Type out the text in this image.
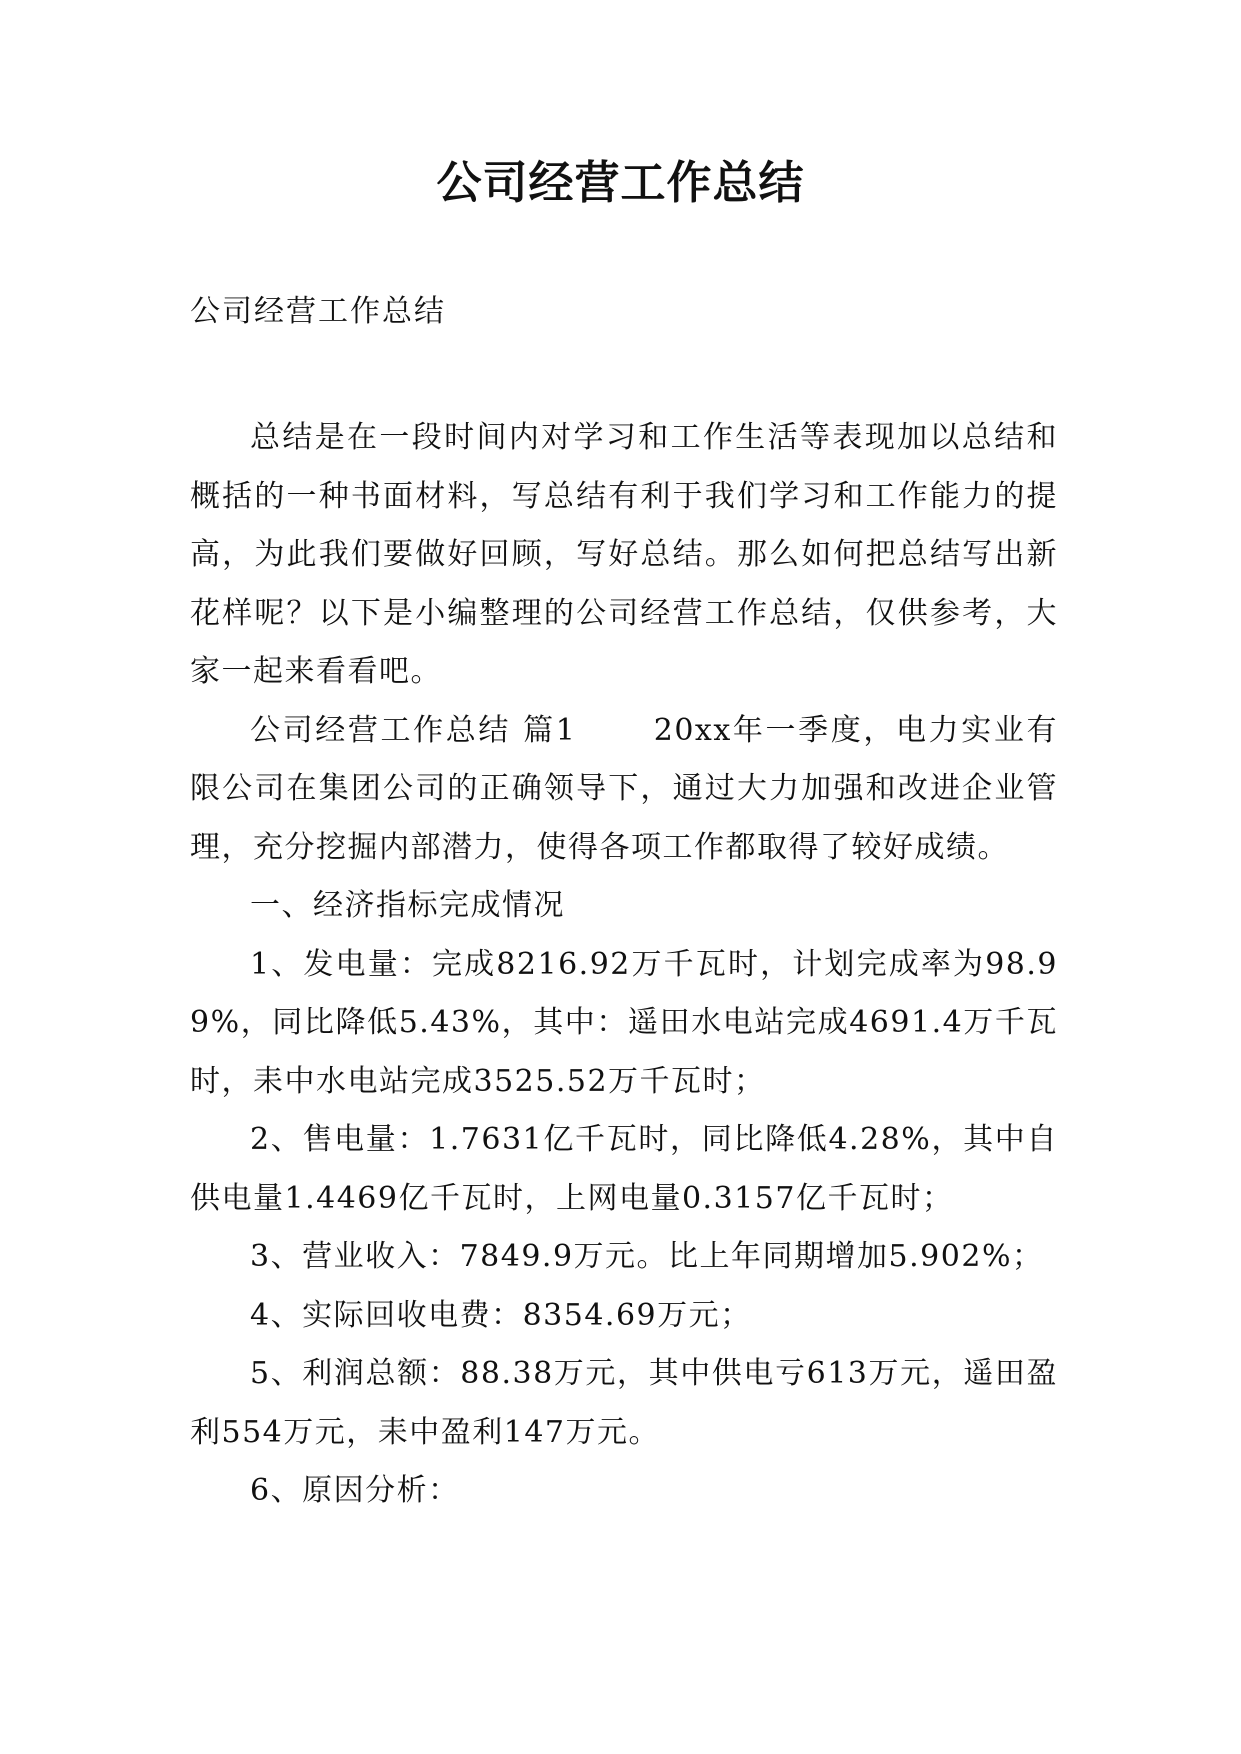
公司经营工作总结
公司经营工作总结

总结是在一段时间内对学习和工作生活等表现加以总结和概括的一种书面材料，写总结有利于我们学习和工作能力的提高，为此我们要做好回顾，写好总结。那么如何把总结写出新花样呢？以下是小编整理的公司经营工作总结，仅供参考，大家一起来看看吧。

公司经营工作总结 篇1 　　20xx年一季度，电力实业有限公司在集团公司的正确领导下，通过大力加强和改进企业管理，充分挖掘内部潜力，使得各项工作都取得了较好成绩。

一、经济指标完成情况

1、发电量：完成8216.92万千瓦时，计划完成率为98.99%，同比降低5.43%，其中：遥田水电站完成4691.4万千瓦时，耒中水电站完成3525.52万千瓦时；

2、售电量：1.7631亿千瓦时，同比降低4.28%，其中自供电量1.4469亿千瓦时，上网电量0.3157亿千瓦时；

3、营业收入：7849.9万元。比上年同期增加5.902%；

4、实际回收电费：8354.69万元；

5、利润总额：88.38万元，其中供电亏613万元，遥田盈利554万元，耒中盈利147万元。

6、原因分析：
